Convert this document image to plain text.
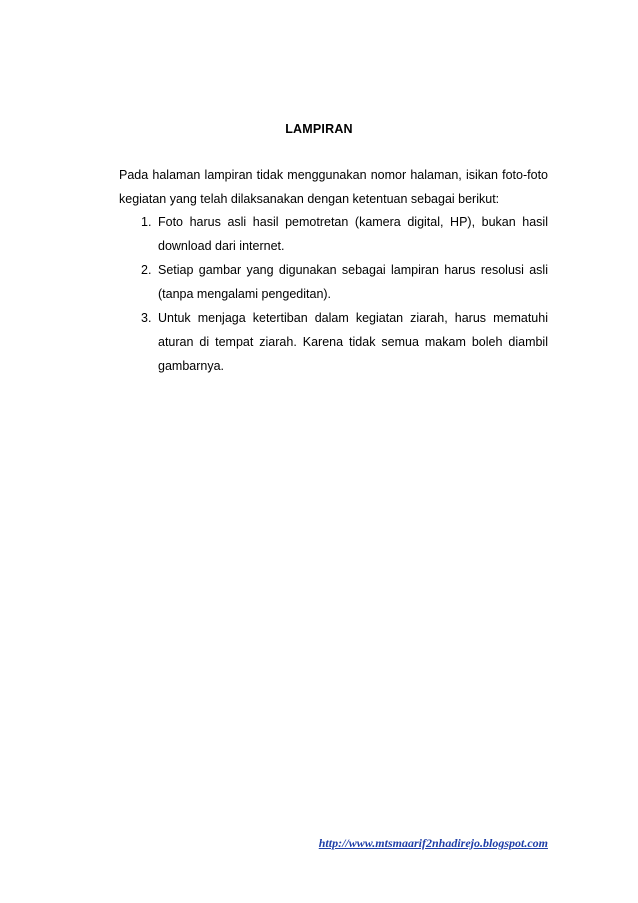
LAMPIRAN

Pada halaman lampiran tidak menggunakan nomor halaman, isikan foto-foto kegiatan yang telah dilaksanakan dengan ketentuan sebagai berikut:

1. Foto harus asli hasil pemotretan (kamera digital, HP), bukan hasil download dari internet.
2. Setiap gambar yang digunakan sebagai lampiran harus resolusi asli (tanpa mengalami pengeditan).
3. Untuk menjaga ketertiban dalam kegiatan ziarah, harus mematuhi aturan di tempat ziarah. Karena tidak semua makam boleh diambil gambarnya.
http://www.mtsmaarif2nhadirejo.blogspot.com
